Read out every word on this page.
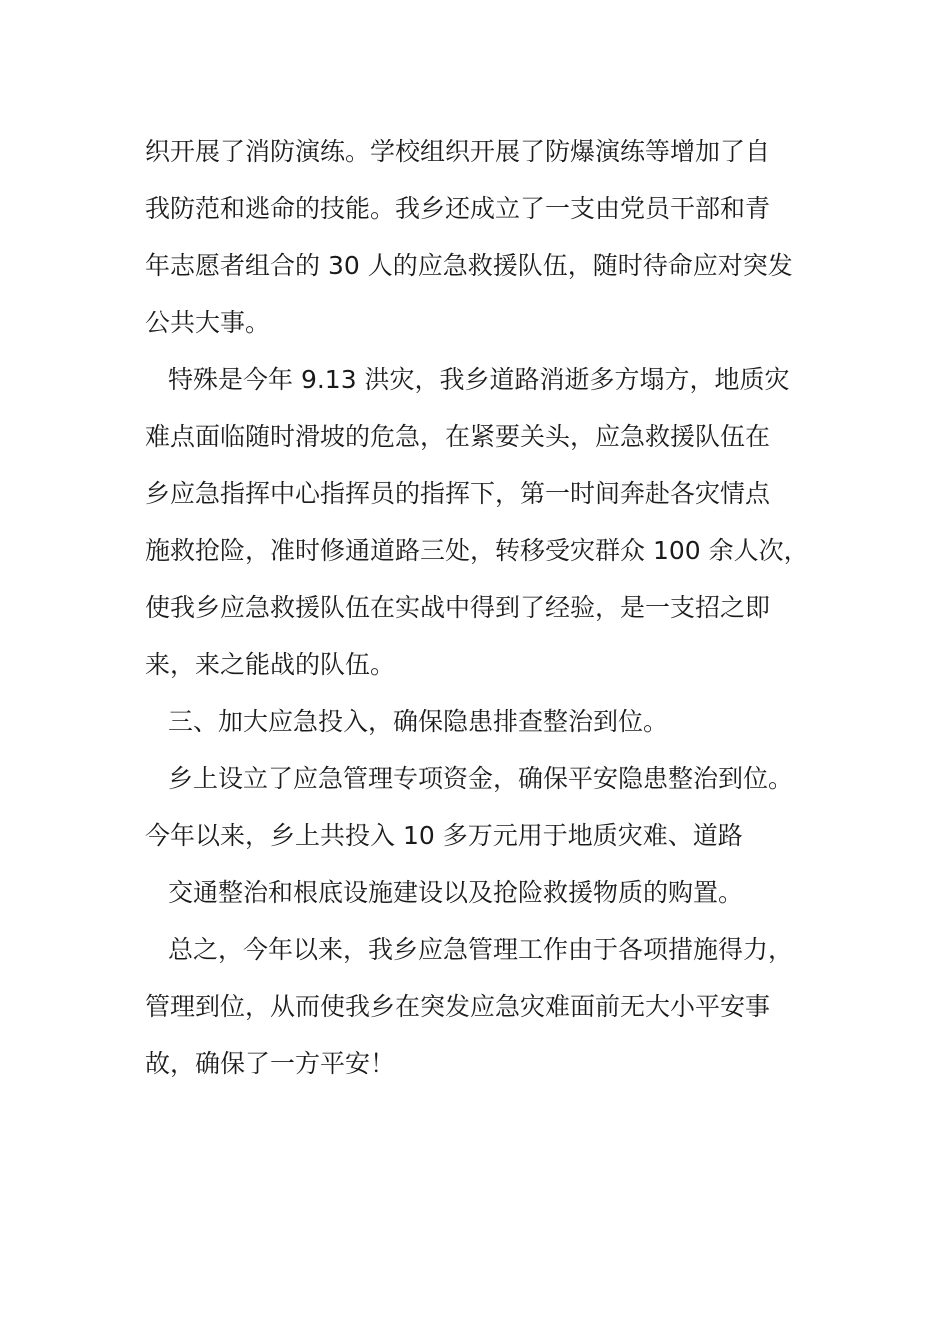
织开展了消防演练。学校组织开展了防爆演练等增加了自

我防范和逃命的技能。我乡还成立了一支由党员干部和青

年志愿者组合的 30 人的应急救援队伍，随时待命应对突发

公共大事。

特殊是今年 9.13 洪灾，我乡道路消逝多方塌方，地质灾

难点面临随时滑坡的危急，在紧要关头，应急救援队伍在

乡应急指挥中心指挥员的指挥下，第一时间奔赴各灾情点

施救抢险，准时修通道路三处，转移受灾群众 100 余人次，

使我乡应急救援队伍在实战中得到了经验，是一支招之即

来，来之能战的队伍。

三、加大应急投入，确保隐患排查整治到位。

乡上设立了应急管理专项资金，确保平安隐患整治到位。

今年以来，乡上共投入 10 多万元用于地质灾难、道路

交通整治和根底设施建设以及抢险救援物质的购置。

总之，今年以来，我乡应急管理工作由于各项措施得力，

管理到位，从而使我乡在突发应急灾难面前无大小平安事

故，确保了一方平安！
